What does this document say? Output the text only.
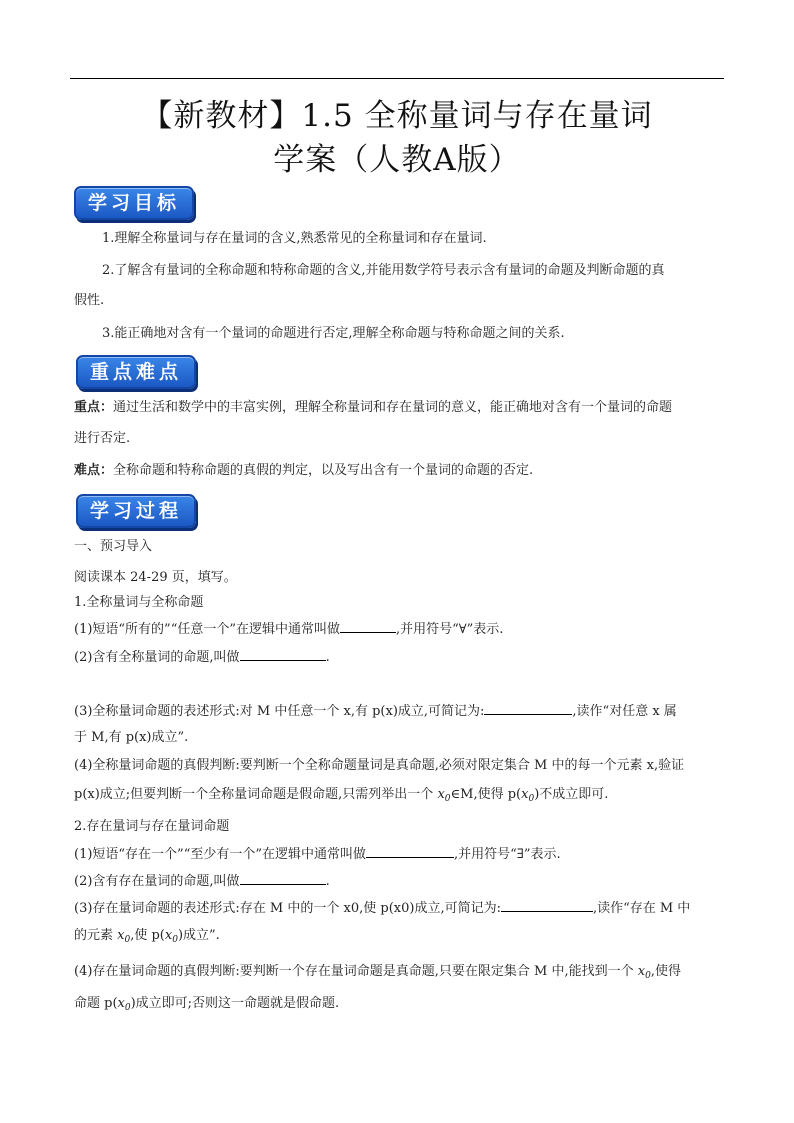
【新教材】1.5 全称量词与存在量词
学案（人教A版）
学习目标
1.理解全称量词与存在量词的含义,熟悉常见的全称量词和存在量词.
2.了解含有量词的全称命题和特称命题的含义,并能用数学符号表示含有量词的命题及判断命题的真
假性.
3.能正确地对含有一个量词的命题进行否定,理解全称命题与特称命题之间的关系.
重点难点
重点：通过生活和数学中的丰富实例，理解全称量词和存在量词的意义，能正确地对含有一个量词的命题
进行否定.
难点：全称命题和特称命题的真假的判定，以及写出含有一个量词的命题的否定.
学习过程
一、预习导入
阅读课本 24-29 页，填写。
1.全称量词与全称命题
(1)短语“所有的”“任意一个”在逻辑中通常叫做	,并用符号“∀”表示.
(2)含有全称量词的命题,叫做	.
(3)全称量词命题的表述形式:对 M 中任意一个 x,有 p(x)成立,可简记为:	,读作“对任意 x 属
于 M,有 p(x)成立”.
(4)全称量词命题的真假判断:要判断一个全称命题量词是真命题,必须对限定集合 M 中的每一个元素 x,验证
p(x)成立;但要判断一个全称量词命题是假命题,只需列举出一个 $x_0\in M$,使得 $p(x_0)$不成立即可.
2.存在量词与存在量词命题
(1)短语“存在一个”“至少有一个”在逻辑中通常叫做	,并用符号“∃”表示.
(2)含有存在量词的命题,叫做	.
(3)存在量词命题的表述形式:存在 M 中的一个 x0,使 p(x0)成立,可简记为:	,读作“存在 M 中
的元素 $x_0$,使 $p(x_0)$成立”.
(4)存在量词命题的真假判断:要判断一个存在量词命题是真命题,只要在限定集合 M 中,能找到一个 $x_0$,使得
命题 $p(x_0)$成立即可;否则这一命题就是假命题.
